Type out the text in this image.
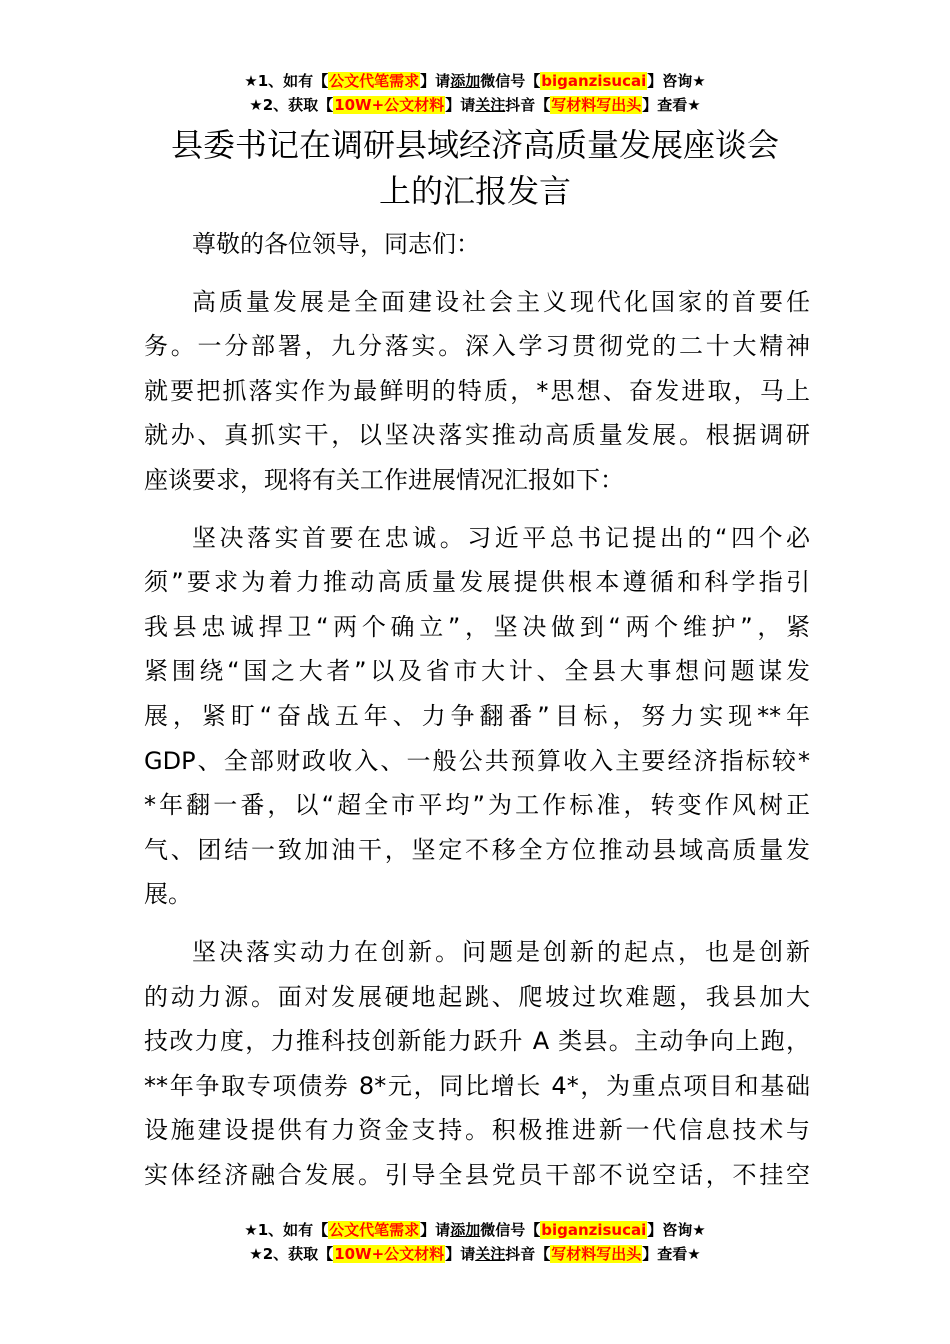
★1、如有【公文代笔需求】请添加微信号【biganzisucai】咨询★
★2、获取【10W+公文材料】请关注抖音【写材料写出头】查看★
县委书记在调研县域经济高质量发展座谈会
上的汇报发言

尊敬的各位领导，同志们：

高质量发展是全面建设社会主义现代化国家的首要任
务。一分部署，九分落实。深入学习贯彻党的二十大精神
就要把抓落实作为最鲜明的特质，*思想、奋发进取，马上
就办、真抓实干，以坚决落实推动高质量发展。根据调研
座谈要求，现将有关工作进展情况汇报如下：

坚决落实首要在忠诚。习近平总书记提出的“四个必
须”要求为着力推动高质量发展提供根本遵循和科学指引
我县忠诚捍卫“两个确立”，坚决做到“两个维护”，紧
紧围绕“国之大者”以及省市大计、全县大事想问题谋发
展，紧盯“奋战五年、力争翻番”目标，努力实现**年
GDP、全部财政收入、一般公共预算收入主要经济指标较*
*年翻一番，以“超全市平均”为工作标准，转变作风树正
气、团结一致加油干，坚定不移全方位推动县域高质量发
展。

坚决落实动力在创新。问题是创新的起点，也是创新
的动力源。面对发展硬地起跳、爬坡过坎难题，我县加大
技改力度，力推科技创新能力跃升 A 类县。主动争向上跑，
**年争取专项债券 8*元，同比增长 4*，为重点项目和基础
设施建设提供有力资金支持。积极推进新一代信息技术与
实体经济融合发展。引导全县党员干部不说空话，不挂空

★1、如有【公文代笔需求】请添加微信号【biganzisucai】咨询★
★2、获取【10W+公文材料】请关注抖音【写材料写出头】查看★
